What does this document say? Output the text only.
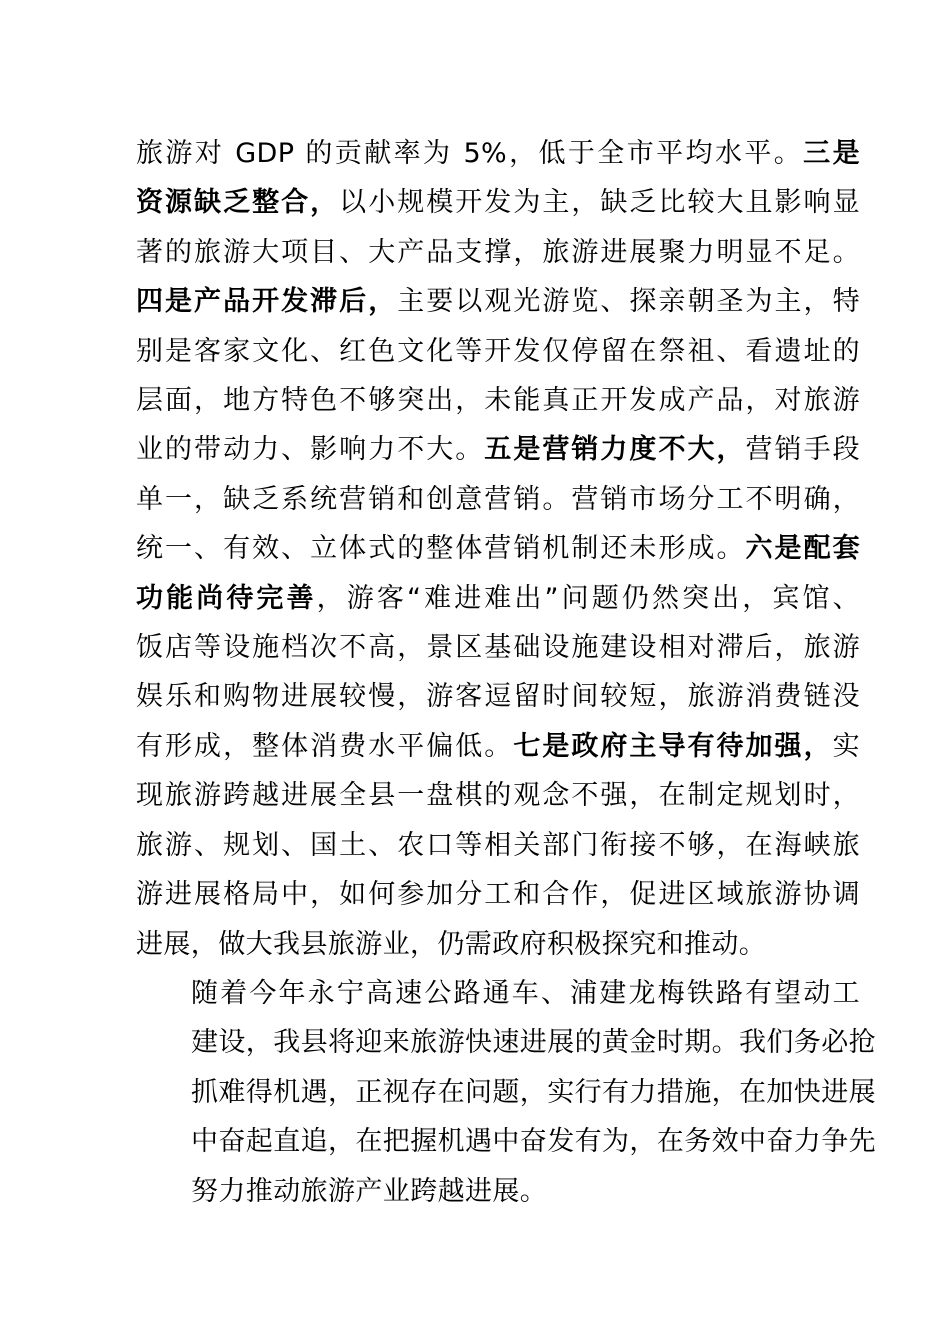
旅游对 GDP 的贡献率为 5%，低于全市平均水平。三是
资源缺乏整合，以小规模开发为主，缺乏比较大且影响显
著的旅游大项目、大产品支撑，旅游进展聚力明显不足。
四是产品开发滞后，主要以观光游览、探亲朝圣为主，特
别是客家文化、红色文化等开发仅停留在祭祖、看遗址的
层面，地方特色不够突出，未能真正开发成产品，对旅游
业的带动力、影响力不大。五是营销力度不大，营销手段
单一，缺乏系统营销和创意营销。营销市场分工不明确，
统一、有效、立体式的整体营销机制还未形成。六是配套
功能尚待完善，游客“难进难出”问题仍然突出，宾馆、
饭店等设施档次不高，景区基础设施建设相对滞后，旅游
娱乐和购物进展较慢，游客逗留时间较短，旅游消费链没
有形成，整体消费水平偏低。七是政府主导有待加强，实
现旅游跨越进展全县一盘棋的观念不强，在制定规划时，
旅游、规划、国土、农口等相关部门衔接不够，在海峡旅
游进展格局中，如何参加分工和合作，促进区域旅游协调
进展，做大我县旅游业，仍需政府积极探究和推动。

随着今年永宁高速公路通车、浦建龙梅铁路有望动工
建设，我县将迎来旅游快速进展的黄金时期。我们务必抢
抓难得机遇，正视存在问题，实行有力措施，在加快进展
中奋起直追，在把握机遇中奋发有为，在务效中奋力争先
努力推动旅游产业跨越进展。
